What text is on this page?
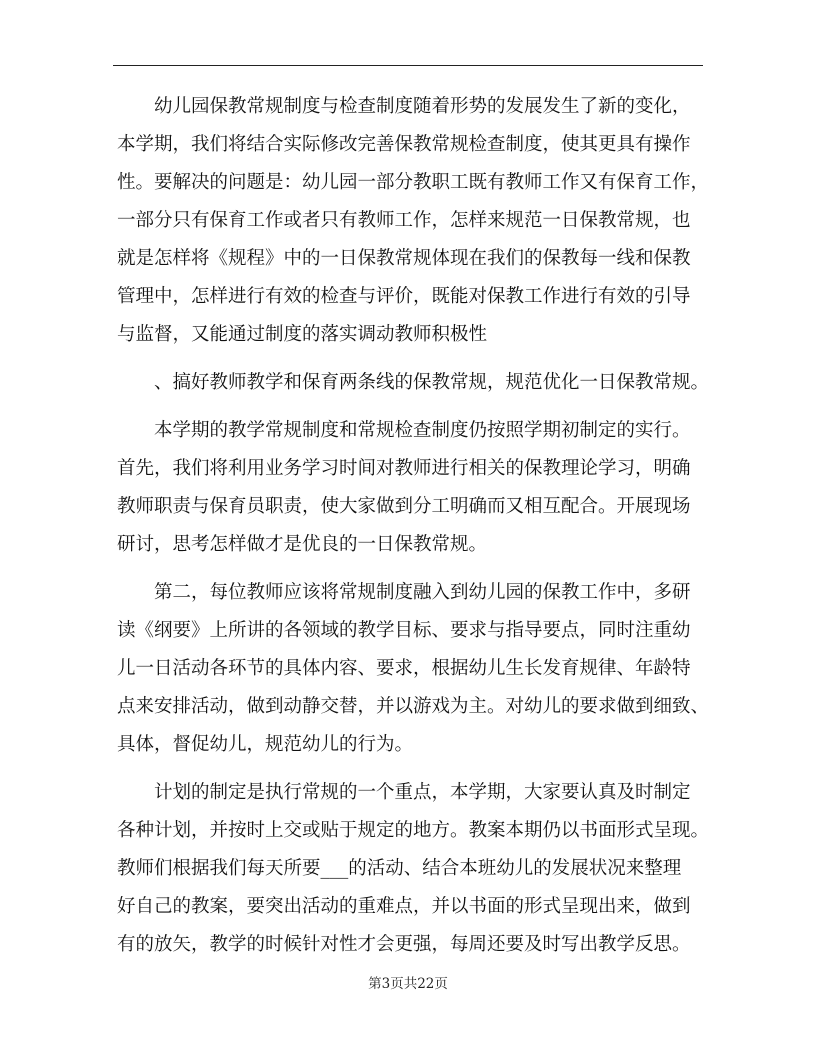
幼儿园保教常规制度与检查制度随着形势的发展发生了新的变化，
本学期，我们将结合实际修改完善保教常规检查制度，使其更具有操作
性。要解决的问题是：幼儿园一部分教职工既有教师工作又有保育工作，
一部分只有保育工作或者只有教师工作，怎样来规范一日保教常规，也
就是怎样将《规程》中的一日保教常规体现在我们的保教每一线和保教
管理中，怎样进行有效的检查与评价，既能对保教工作进行有效的引导
与监督，又能通过制度的落实调动教师积极性

、搞好教师教学和保育两条线的保教常规，规范优化一日保教常规。

本学期的教学常规制度和常规检查制度仍按照学期初制定的实行。
首先，我们将利用业务学习时间对教师进行相关的保教理论学习，明确
教师职责与保育员职责，使大家做到分工明确而又相互配合。开展现场
研讨，思考怎样做才是优良的一日保教常规。

第二，每位教师应该将常规制度融入到幼儿园的保教工作中，多研
读《纲要》上所讲的各领域的教学目标、要求与指导要点，同时注重幼
儿一日活动各环节的具体内容、要求，根据幼儿生长发育规律、年龄特
点来安排活动，做到动静交替，并以游戏为主。对幼儿的要求做到细致、
具体，督促幼儿，规范幼儿的行为。

计划的制定是执行常规的一个重点，本学期，大家要认真及时制定
各种计划，并按时上交或贴于规定的地方。教案本期仍以书面形式呈现。
教师们根据我们每天所要___的活动、结合本班幼儿的发展状况来整理
好自己的教案，要突出活动的重难点，并以书面的形式呈现出来，做到
有的放矢，教学的时候针对性才会更强，每周还要及时写出教学反思。

第3页共22页
